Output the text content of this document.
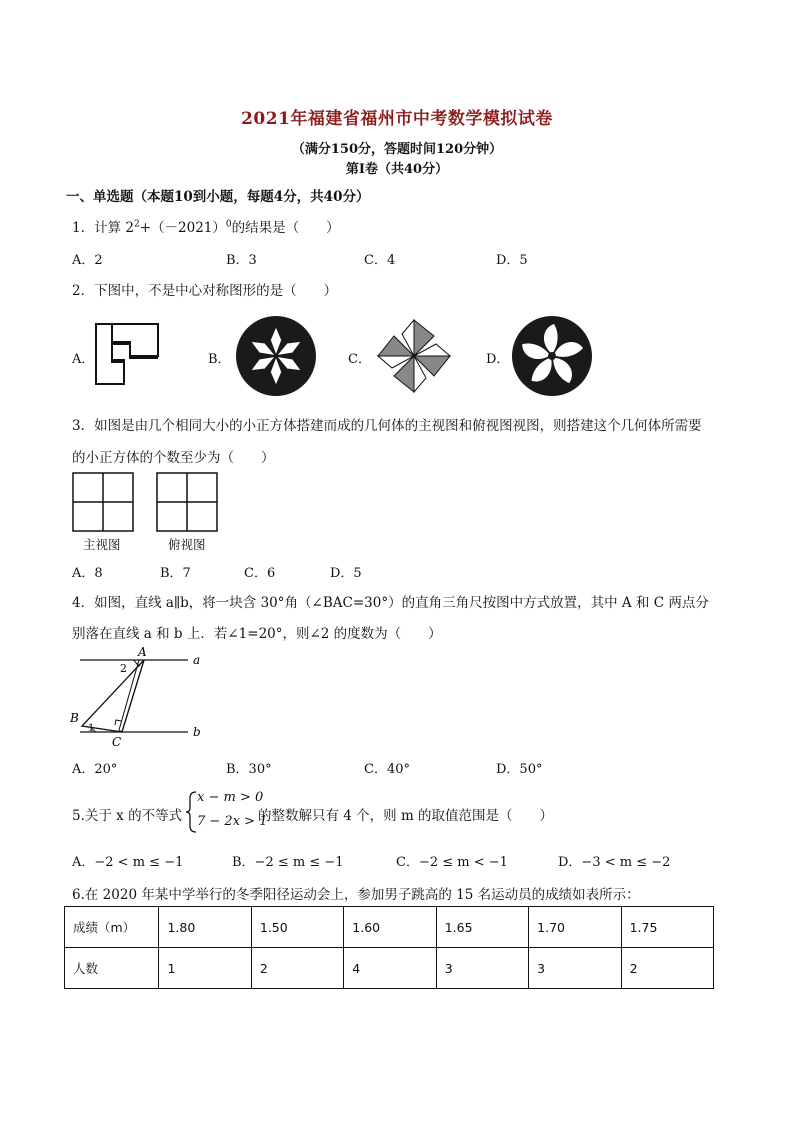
2021年福建省福州市中考数学模拟试卷
（满分150分，答题时间120分钟）
第Ⅰ卷（共40分）
一、单选题（本题10到小题，每题4分，共40分）
1．计算 $2^2+(-2021)^0$的结果是（　　）
A．2	B．3	C．4	D．5
2．下图中，不是中心对称图形的是（　　）
A．	B．	C．	D．
3．如图是由几个相同大小的小正方体搭建而成的几何体的主视图和俯视图视图，则搭建这个几何体所需要
的小正方体的个数至少为（　　）
主视图	俯视图
A．8	B．7	C．6	D．5
4．如图，直线 a∥b，将一块含 30°角（∠BAC=30°）的直角三角尺按图中方式放置，其中 A 和 C 两点分
别落在直线 a 和 b 上．若∠1=20°，则∠2 的度数为（　　）
A
a
b
B
C
1
2
A．20°	B．30°	C．40°	D．50°
5.关于 x 的不等式
x − m > 0
7 − 2x > 1
的整数解只有 4 个，则 m 的取值范围是（　　）
A．−2 < m ≤ −1	B．−2 ≤ m ≤ −1	C．−2 ≤ m < −1	D．−3 < m ≤ −2
6.在 2020 年某中学举行的冬季阳径运动会上，参加男子跳高的 15 名运动员的成绩如表所示：
成绩（m）	1.80	1.50	1.60	1.65	1.70	1.75
人数	1	2	4	3	3	2
